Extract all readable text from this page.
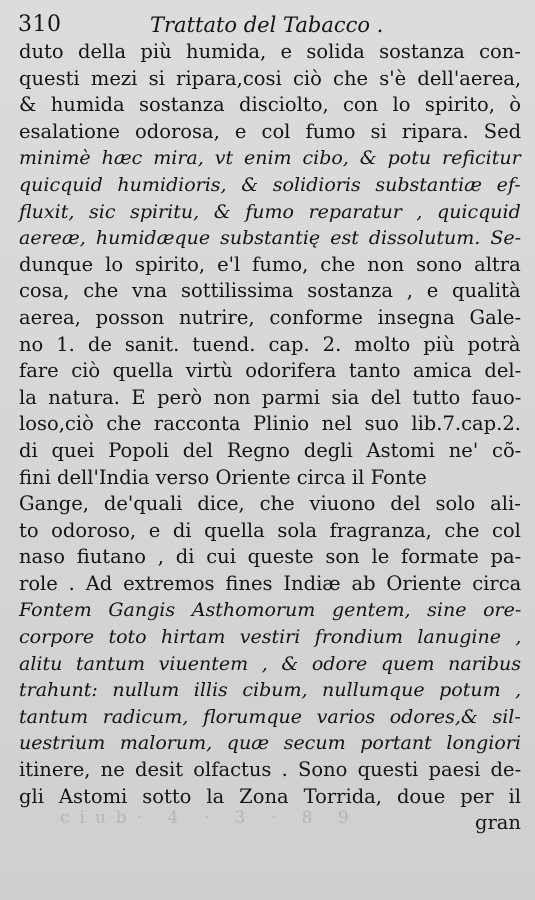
310	Trattato del Tabacco .
duto della più humida, e solida sostanza con-
questi mezi si ripara,cosi ciò che s'è dell'aerea,
& humida sostanza disciolto, con lo spirito, ò
esalatione odorosa, e col fumo si ripara. Sed
minimè hæc mira, vt enim cibo, & potu reficitur
quicquid humidioris, & solidioris substantiæ ef-
fluxit, sic spiritu, & fumo reparatur , quicquid
aereæ, humidæque substantię est dissolutum. Se-
dunque lo spirito, e'l fumo, che non sono altra
cosa, che vna sottilissima sostanza , e qualità
aerea, posson nutrire, conforme insegna Gale-
no 1. de sanit. tuend. cap. 2. molto più potrà
fare ciò quella virtù odorifera tanto amica del-
la natura. E però non parmi sia del tutto fauo-
loso,ciò che racconta Plinio nel suo lib.7.cap.2.
di quei Popoli del Regno degli Astomi ne' cõ-
fini dell'India verso Oriente circa il Fonte
Gange, de'quali dice, che viuono del solo ali-
to odoroso, e di quella sola fragranza, che col
naso fiutano , di cui queste son le formate pa-
role . Ad extremos fines Indiæ ab Oriente circa
Fontem Gangis Asthomorum gentem, sine ore-
corpore toto hirtam vestiri frondium lanugine ,
alitu tantum viuentem , & odore quem naribus
trahunt: nullum illis cibum, nullumque potum ,
tantum radicum, florumque varios odores,& sil-
uestrium malorum, quæ secum portant longiori
itinere, ne desit olfactus . Sono questi paesi de-
gli Astomi sotto la Zona Torrida, doue per il
gran
ciub· 4 · 3 · 8 9
